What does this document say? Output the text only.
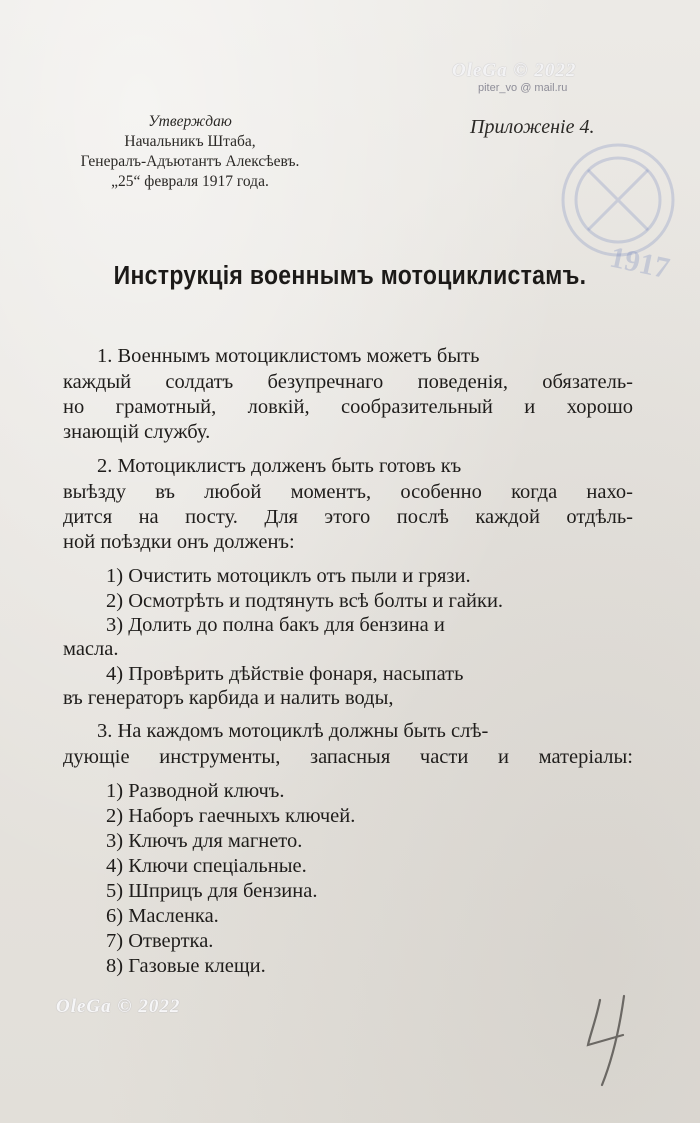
OleGa © 2022
piter_vo @ mail.ru
1917
Утверждаю
Начальникъ Штаба,
Генералъ-Адъютантъ Алексѣевъ.
„25“ февраля 1917 года.
Приложеніе 4.
Инструкція военнымъ мотоциклистамъ.
1. Военнымъ мотоциклистомъ можетъ быть
каждый солдатъ безупречнаго поведенія, обязатель-
но грамотный, ловкій, сообразительный и хорошо
знающій службу.
2. Мотоциклистъ долженъ быть готовъ къ
выѣзду въ любой моментъ, особенно когда нахо-
дится на посту. Для этого послѣ каждой отдѣль-
ной поѣздки онъ долженъ:
1) Очистить мотоциклъ отъ пыли и грязи.
2) Осмотрѣть и подтянуть всѣ болты и гайки.
3) Долить до полна бакъ для бензина и
масла.
4) Провѣрить дѣйствіе фонаря, насыпать
въ генераторъ карбида и налить воды,
3. На каждомъ мотоциклѣ должны быть слѣ-
дующіе инструменты, запасныя части и матеріалы:
1) Разводной ключъ.
2) Наборъ гаечныхъ ключей.
3) Ключъ для магнето.
4) Ключи спеціальные.
5) Шприцъ для бензина.
6) Масленка.
7) Отвертка.
8) Газовые клещи.
OleGa © 2022
